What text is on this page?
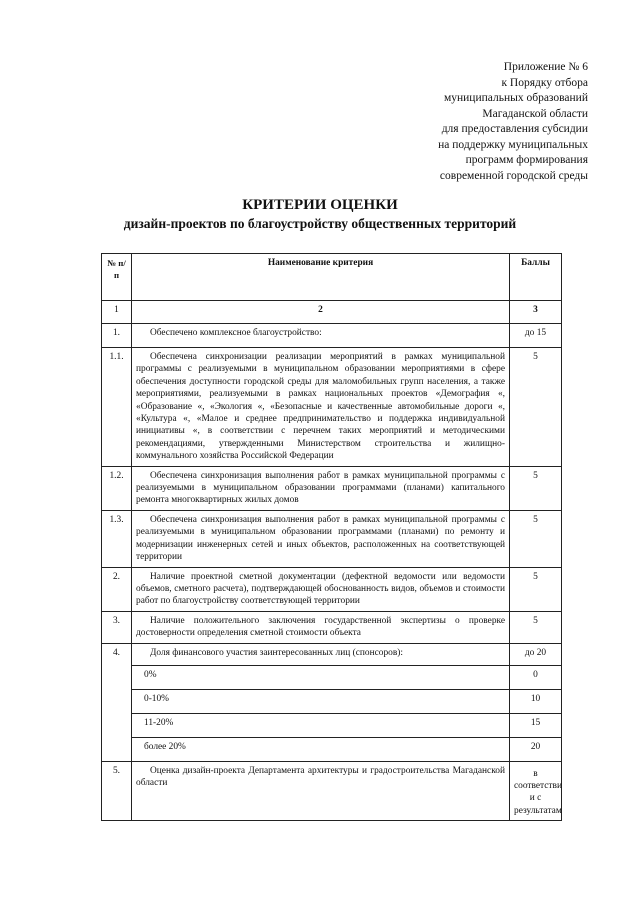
Приложение № 6
к Порядку отбора
муниципальных образований
Магаданской области
для предоставления субсидии
на поддержку муниципальных
программ формирования
современной городской среды
КРИТЕРИИ ОЦЕНКИ
дизайн-проектов по благоустройству общественных территорий
№ п/п	Наименование критерия	Баллы
1	2	3
1.	Обеспечено комплексное благоустройство:	до 15
1.1.	Обеспечена синхронизации реализации мероприятий в рамках муниципальной программы с реализуемыми в муниципальном образовании мероприятиями в сфере обеспечения доступности городской среды для маломобильных групп населения, а также мероприятиями, реализуемыми в рамках национальных проектов «Демография «, «Образование «, «Экология «, «Безопасные и качественные автомобильные дороги «, «Культура «, «Малое и среднее предпринимательство и поддержка индивидуальной инициативы «, в соответствии с перечнем таких мероприятий и методическими рекомендациями, утвержденными Министерством строительства и жилищно-коммунального хозяйства Российской Федерации	5
1.2.	Обеспечена синхронизация выполнения работ в рамках муниципальной программы с реализуемыми в муниципальном образовании программами (планами) капитального ремонта многоквартирных жилых домов	5
1.3.	Обеспечена синхронизация выполнения работ в рамках муниципальной программы с реализуемыми в муниципальном образовании программами (планами) по ремонту и модернизации инженерных сетей и иных объектов, расположенных на соответствующей территории	5
2.	Наличие проектной сметной документации (дефектной ведомости или ведомости объемов, сметного расчета), подтверждающей обоснованность видов, объемов и стоимости работ по благоустройству соответствующей территории	5
3.	Наличие положительного заключения государственной экспертизы о проверке достоверности определения сметной стоимости объекта	5
4.	Доля финансового участия заинтересованных лиц (спонсоров):	до 20
	0%	0
	0-10%	10
	11-20%	15
	более 20%	20
5.	Оценка дизайн-проекта Департамента архитектуры и градостроительства Магаданской области	в соответстви и с результатам
